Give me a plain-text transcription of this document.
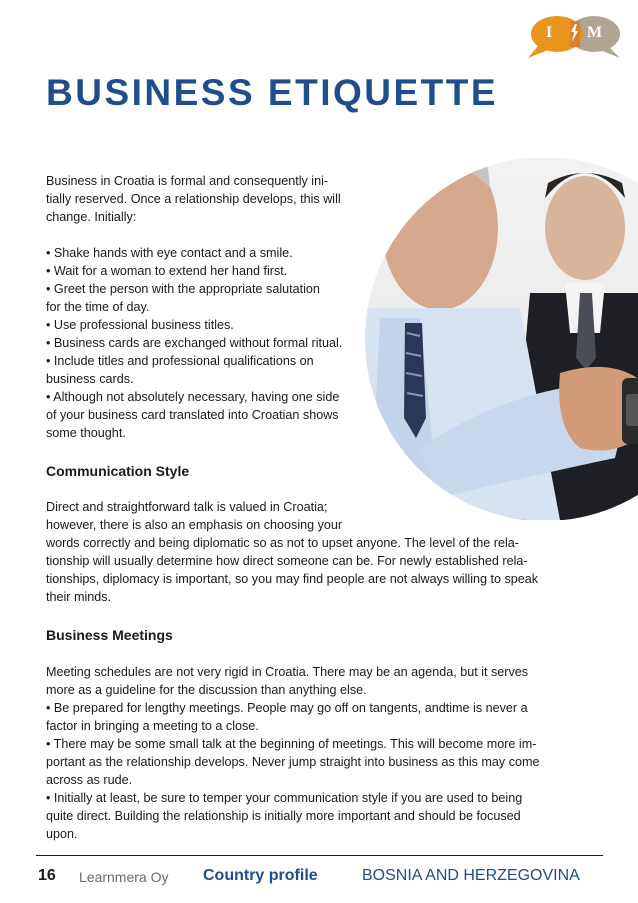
I M
BUSINESS ETIQUETTE

Business in Croatia is formal and consequently ini-

tially reserved. Once a relationship develops, this will

change. Initially:

• Shake hands with eye contact and a smile.

• Wait for a woman to extend her hand first.

• Greet the person with the appropriate salutation

for the time of day.

• Use professional business titles.

• Business cards are exchanged without formal ritual.

• Include titles and professional qualifications on

business cards.

• Although not absolutely necessary, having one side

of your business card translated into Croatian shows

some thought.

Communication Style

Direct and straightforward talk is valued in Croatia;

however, there is also an emphasis on choosing your

words correctly and being diplomatic so as not to upset anyone. The level of the rela-

tionship will usually determine how direct someone can be. For newly established rela-

tionships, diplomacy is important, so you may find people are not always willing to speak

their minds.

Business Meetings

Meeting schedules are not very rigid in Croatia. There may be an agenda, but it serves

more as a guideline for the discussion than anything else.

• Be prepared for lengthy meetings. People may go off on tangents, andtime is never a

factor in bringing a meeting to a close.

• There may be some small talk at the beginning of meetings. This will become more im-

portant as the relationship develops. Never jump straight into business as this may come

across as rude.

• Initially at least, be sure to temper your communication style if you are used to being

quite direct. Building the relationship is initially more important and should be focused

upon.

16 Learnmera Oy Country profile	BOSNIA AND HERZEGOVINA
